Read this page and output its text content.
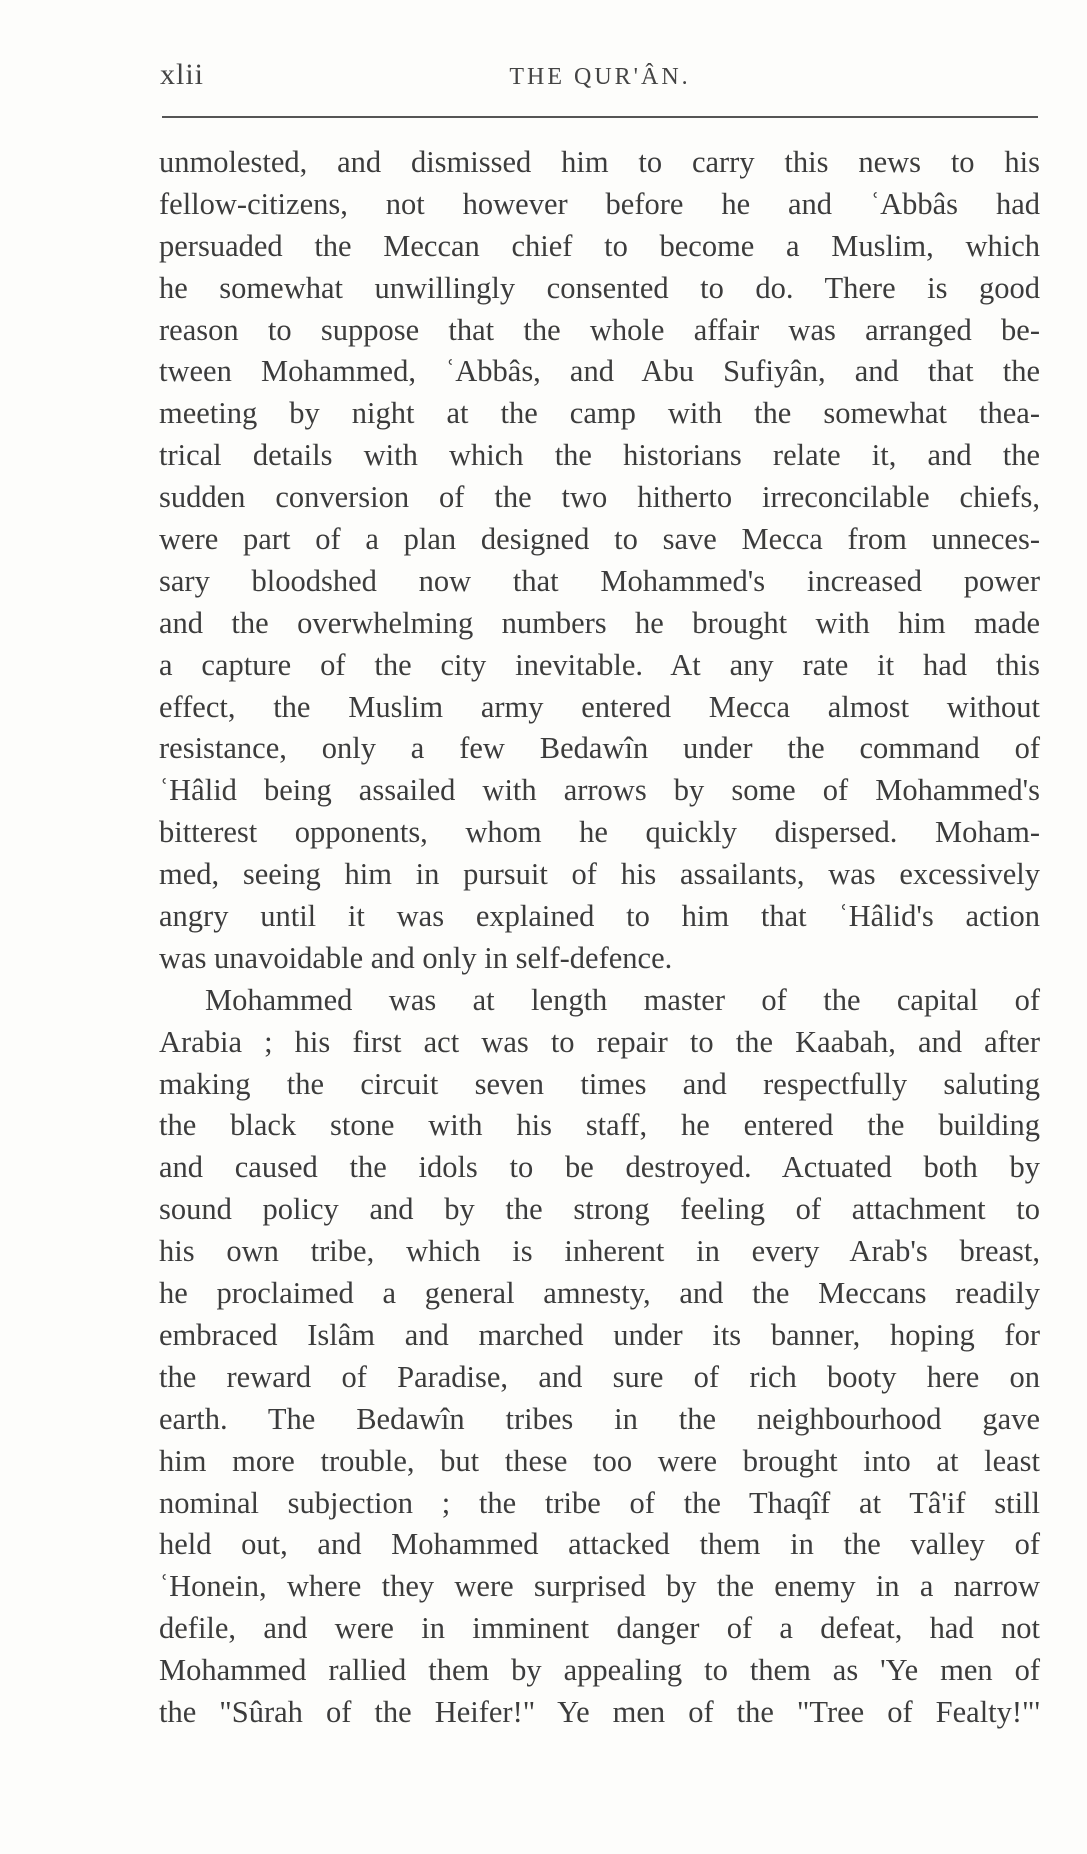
xlii	THE QUR'ÂN.
unmolested, and dismissed him to carry this news to his
fellow-citizens, not however before he and ʿAbbâs had
persuaded the Meccan chief to become a Muslim, which
he somewhat unwillingly consented to do. There is good
reason to suppose that the whole affair was arranged be-
tween Mohammed, ʿAbbâs, and Abu Sufiyân, and that the
meeting by night at the camp with the somewhat thea-
trical details with which the historians relate it, and the
sudden conversion of the two hitherto irreconcilable chiefs,
were part of a plan designed to save Mecca from unneces-
sary bloodshed now that Mohammed's increased power
and the overwhelming numbers he brought with him made
a capture of the city inevitable. At any rate it had this
effect, the Muslim army entered Mecca almost without
resistance, only a few Bedawîn under the command of
ʿHâlid being assailed with arrows by some of Mohammed's
bitterest opponents, whom he quickly dispersed. Moham-
med, seeing him in pursuit of his assailants, was excessively
angry until it was explained to him that ʿHâlid's action
was unavoidable and only in self-defence.
Mohammed was at length master of the capital of
Arabia ; his first act was to repair to the Kaabah, and after
making the circuit seven times and respectfully saluting
the black stone with his staff, he entered the building
and caused the idols to be destroyed. Actuated both by
sound policy and by the strong feeling of attachment to
his own tribe, which is inherent in every Arab's breast,
he proclaimed a general amnesty, and the Meccans readily
embraced Islâm and marched under its banner, hoping for
the reward of Paradise, and sure of rich booty here on
earth. The Bedawîn tribes in the neighbourhood gave
him more trouble, but these too were brought into at least
nominal subjection ; the tribe of the Thaqîf at Tâ'if still
held out, and Mohammed attacked them in the valley of
ʿHonein, where they were surprised by the enemy in a narrow
defile, and were in imminent danger of a defeat, had not
Mohammed rallied them by appealing to them as 'Ye men of
the "Sûrah of the Heifer!" Ye men of the "Tree of Fealty!"'
